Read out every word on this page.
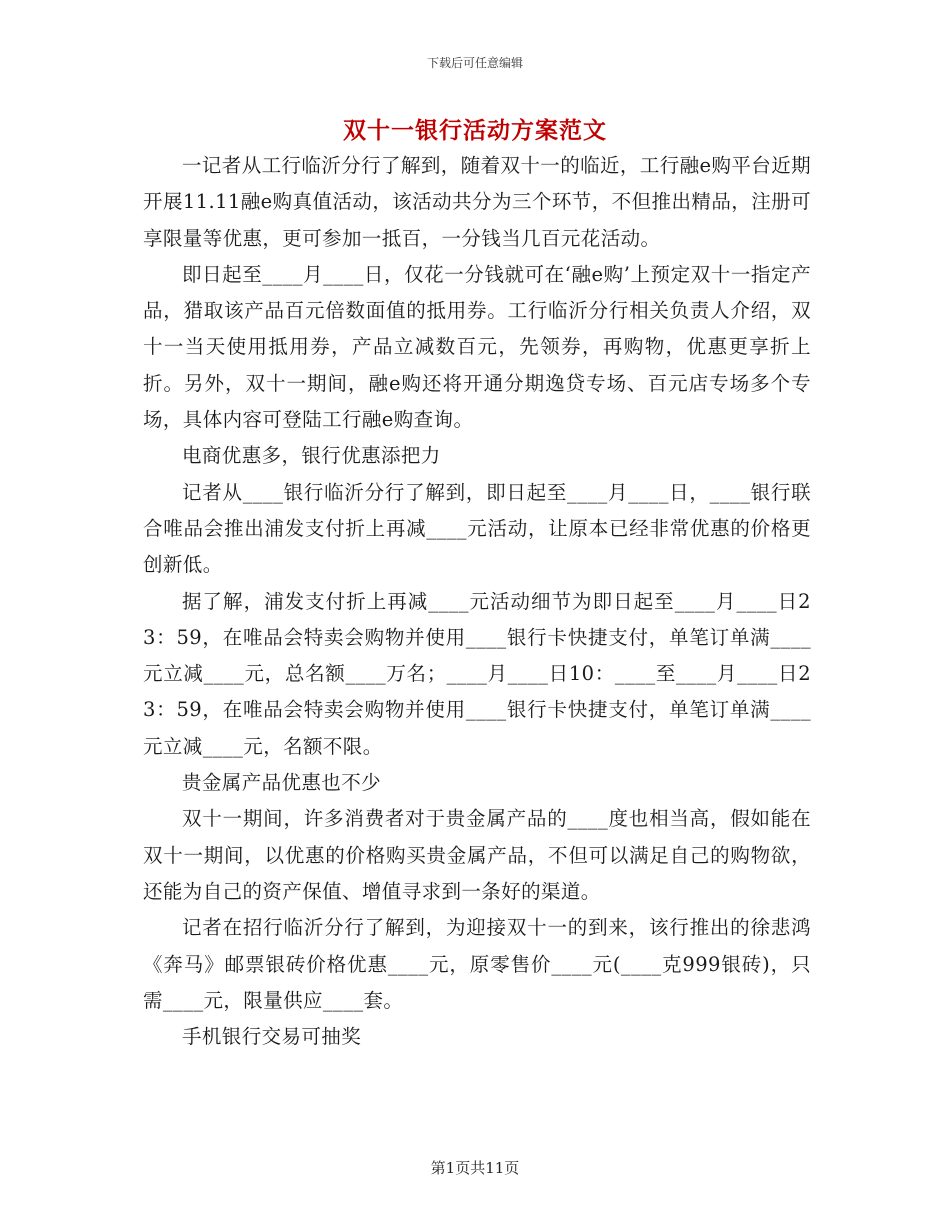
下载后可任意编辑
双十一银行活动方案范文

一记者从工行临沂分行了解到，随着双十一的临近，工行融e购平台近期开展11.11融e购真值活动，该活动共分为三个环节，不但推出精品，注册可享限量等优惠，更可参加一抵百，一分钱当几百元花活动。

即日起至____月____日，仅花一分钱就可在‘融e购’上预定双十一指定产品，猎取该产品百元倍数面值的抵用券。工行临沂分行相关负责人介绍，双十一当天使用抵用券，产品立减数百元，先领券，再购物，优惠更享折上折。另外，双十一期间，融e购还将开通分期逸贷专场、百元店专场多个专场，具体内容可登陆工行融e购查询。

电商优惠多，银行优惠添把力

记者从____银行临沂分行了解到，即日起至____月____日，____银行联合唯品会推出浦发支付折上再减____元活动，让原本已经非常优惠的价格更创新低。

据了解，浦发支付折上再减____元活动细节为即日起至____月____日23：59，在唯品会特卖会购物并使用____银行卡快捷支付，单笔订单满____元立减____元，总名额____万名；____月____日10：____至____月____日23：59，在唯品会特卖会购物并使用____银行卡快捷支付，单笔订单满____元立减____元，名额不限。

贵金属产品优惠也不少

双十一期间，许多消费者对于贵金属产品的____度也相当高，假如能在双十一期间，以优惠的价格购买贵金属产品，不但可以满足自己的购物欲，还能为自己的资产保值、增值寻求到一条好的渠道。

记者在招行临沂分行了解到，为迎接双十一的到来，该行推出的徐悲鸿《奔马》邮票银砖价格优惠____元，原零售价____元(____克999银砖)，只需____元，限量供应____套。

手机银行交易可抽奖

第1页共11页
